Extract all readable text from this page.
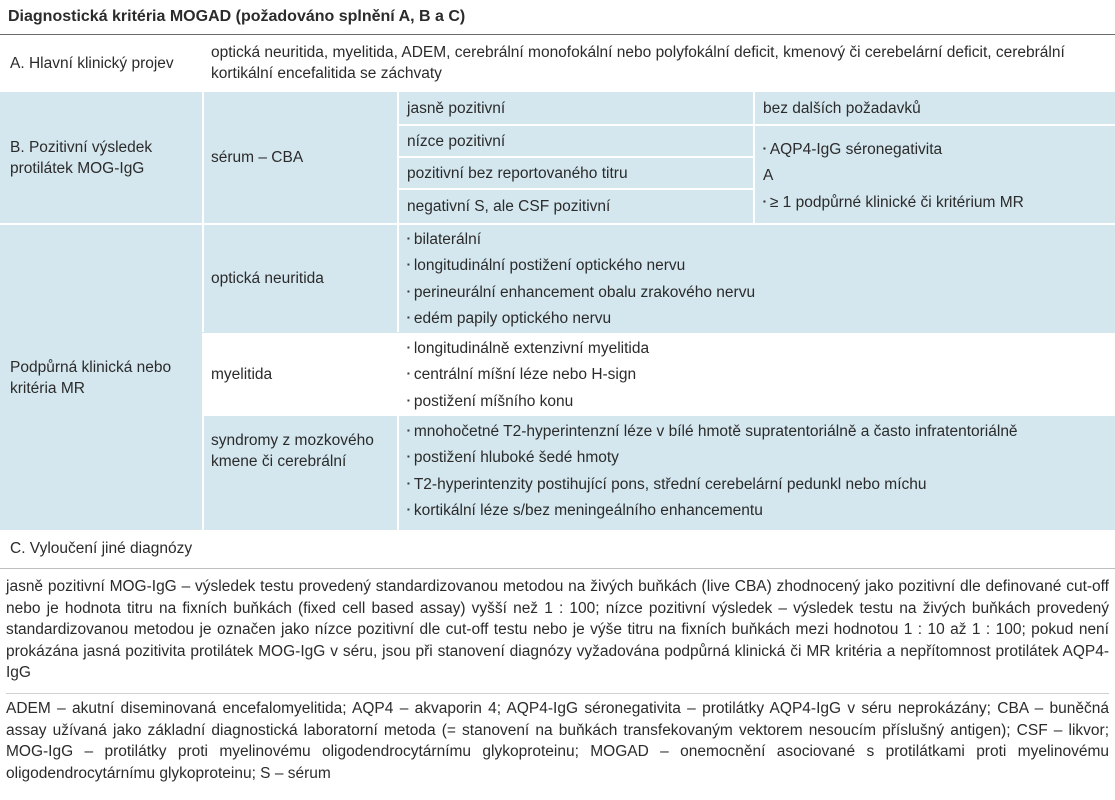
Diagnostická kritéria MOGAD (požadováno splnění A, B a C)
A. Hlavní klinický projev
optická neuritida, myelitida, ADEM, cerebrální monofokální nebo polyfokální deficit, kmenový či cerebelární deficit, cerebrální kortikální encefalitida se záchvaty
B. Pozitivní výsledek protilátek MOG-IgG
sérum – CBA
jasně pozitivní
nízce pozitivní
pozitivní bez reportovaného titru
negativní S, ale CSF pozitivní
bez dalších požadavků
▪ AQP4-IgG séronegativita
A
▪ ≥ 1 podpůrné klinické či kritérium MR
Podpůrná klinická nebo kritéria MR
optická neuritida
▪ bilaterální
▪ longitudinální postižení optického nervu
▪ perineurální enhancement obalu zrakového nervu
▪ edém papily optického nervu
myelitida
▪ longitudinálně extenzivní myelitida
▪ centrální míšní léze nebo H-sign
▪ postižení míšního konu
syndromy z mozkového kmene či cerebrální
▪ mnohočetné T2-hyperintenzní léze v bílé hmotě supratentoriálně a často infratentoriálně
▪ postižení hluboké šedé hmoty
▪ T2-hyperintenzity postihující pons, střední cerebelární pedunkl nebo míchu
▪ kortikální léze s/bez meningeálního enhancementu
C. Vyloučení jiné diagnózy
jasně pozitivní MOG-IgG – výsledek testu provedený standardizovanou metodou na živých buňkách (live CBA) zhodnocený jako pozitivní dle definované cut-off nebo je hodnota titru na fixních buňkách (fixed cell based assay) vyšší než 1 : 100; nízce pozitivní výsledek – výsledek testu na živých buňkách provedený standardizovanou metodou je označen jako nízce pozitivní dle cut-off testu nebo je výše titru na fixních buňkách mezi hodnotou 1 : 10 až 1 : 100; pokud není prokázána jasná pozitivita protilátek MOG-IgG v séru, jsou při stanovení diagnózy vyžadována podpůrná klinická či MR kritéria a nepřítomnost protilátek AQP4-IgG
ADEM – akutní diseminovaná encefalomyelitida; AQP4 – akvaporin 4; AQP4-IgG séronegativita – protilátky AQP4-IgG v séru neprokázány; CBA – buněčná assay užívaná jako základní diagnostická laboratorní metoda (= stanovení na buňkách transfekovaným vektorem nesoucím příslušný antigen); CSF – likvor; MOG-IgG – protilátky proti myelinovému oligodendrocytárnímu glykoproteinu; MOGAD – onemocnění asociované s protilátkami proti myelinovému oligodendrocytárnímu glykoproteinu; S – sérum
